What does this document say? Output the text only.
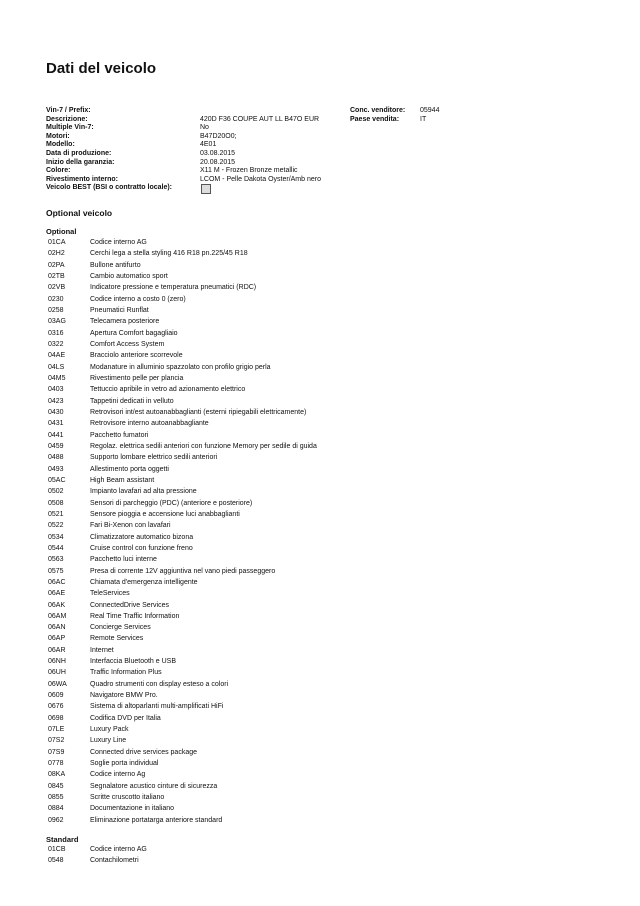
Dati del veicolo
Vin-7 / Prefix:
Descrizione:	420D F36 COUPE AUT LL B47O EUR
Multiple Vin-7:	No
Motori:	B47D20O0;
Modello:	4E01
Data di produzione:	03.08.2015
Inizio della garanzia:	20.08.2015
Colore:	X11 M - Frozen Bronze metallic
Rivestimento interno:	LCOM - Pelle Dakota Oyster/Amb nero
Veicolo BEST (BSI o contratto locale):
Conc. venditore: 05944
Paese vendita:	IT
Optional veicolo
Optional
01CA	Codice interno AG
02H2	Cerchi lega a stella styling 416 R18 pn.225/45 R18
02PA	Bullone antifurto
02TB	Cambio automatico sport
02VB	Indicatore pressione e temperatura pneumatici (RDC)
0230	Codice interno a costo 0 (zero)
0258	Pneumatici Runflat
03AG	Telecamera posteriore
0316	Apertura Comfort bagagliaio
0322	Comfort Access System
04AE	Bracciolo anteriore scorrevole
04LS	Modanature in alluminio spazzolato con profilo grigio perla
04M5	Rivestimento pelle per plancia
0403	Tettuccio apribile in vetro ad azionamento elettrico
0423	Tappetini dedicati in velluto
0430	Retrovisori int/est autoanabbaglianti (esterni ripiegabili elettricamente)
0431	Retrovisore interno autoanabbagliante
0441	Pacchetto fumatori
0459	Regolaz. elettrica sedili anteriori con funzione Memory per sedile di guida
0488	Supporto lombare elettrico sedili anteriori
0493	Allestimento porta oggetti
05AC	High Beam assistant
0502	Impianto lavafari ad alta pressione
0508	Sensori di parcheggio (PDC) (anteriore e posteriore)
0521	Sensore pioggia e accensione luci anabbaglianti
0522	Fari Bi-Xenon con lavafari
0534	Climatizzatore automatico bizona
0544	Cruise control con funzione freno
0563	Pacchetto luci interne
0575	Presa di corrente 12V aggiuntiva nel vano piedi passeggero
06AC	Chiamata d'emergenza intelligente
06AE	TeleServices
06AK	ConnectedDrive Services
06AM	Real Time Traffic Information
06AN	Concierge Services
06AP	Remote Services
06AR	Internet
06NH	Interfaccia Bluetooth e USB
06UH	Traffic Information Plus
06WA	Quadro strumenti con display esteso a colori
0609	Navigatore BMW Pro.
0676	Sistema di altoparlanti multi-amplificati HiFi
0698	Codifica DVD per Italia
07LE	Luxury Pack
07S2	Luxury Line
07S9	Connected drive services package
0778	Soglie porta individual
08KA	Codice interno Ag
0845	Segnalatore acustico cinture di sicurezza
0855	Scritte cruscotto italiano
0884	Documentazione in italiano
0962	Eliminazione portatarga anteriore standard
Standard
01CB	Codice interno AG
0548	Contachilometri
